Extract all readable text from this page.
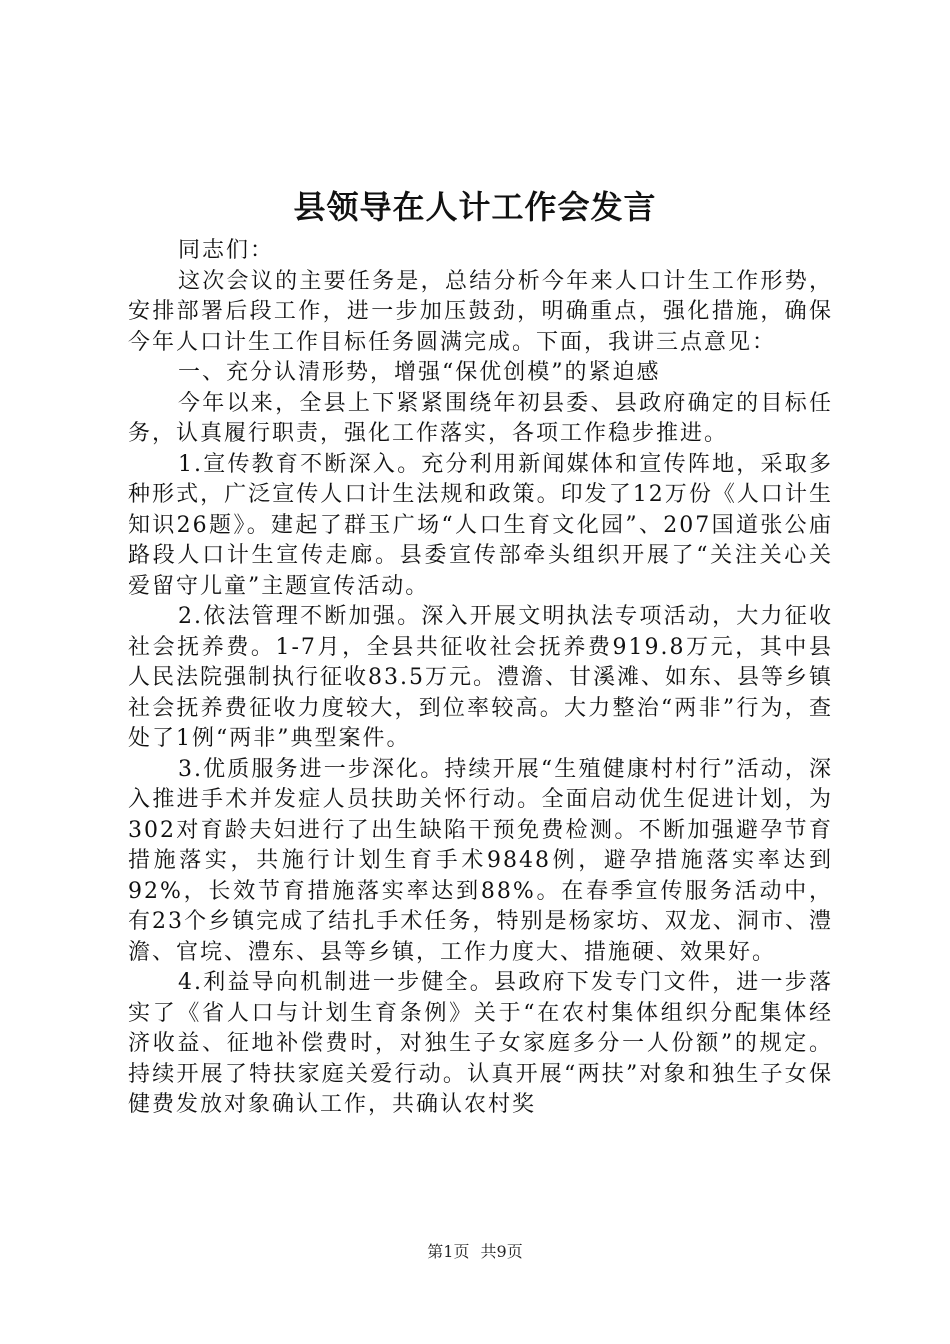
县领导在人计工作会发言

同志们：

这次会议的主要任务是，总结分析今年来人口计生工作形势，安排部署后段工作，进一步加压鼓劲，明确重点，强化措施，确保今年人口计生工作目标任务圆满完成。下面，我讲三点意见：

一、充分认清形势，增强“保优创模”的紧迫感

今年以来，全县上下紧紧围绕年初县委、县政府确定的目标任务，认真履行职责，强化工作落实，各项工作稳步推进。

1.宣传教育不断深入。充分利用新闻媒体和宣传阵地，采取多种形式，广泛宣传人口计生法规和政策。印发了12万份《人口计生知识26题》。建起了群玉广场“人口生育文化园”、207国道张公庙路段人口计生宣传走廊。县委宣传部牵头组织开展了“关注关心关爱留守儿童”主题宣传活动。

2.依法管理不断加强。深入开展文明执法专项活动，大力征收社会抚养费。1-7月，全县共征收社会抚养费919.8万元，其中县人民法院强制执行征收83.5万元。澧澹、甘溪滩、如东、县等乡镇社会抚养费征收力度较大，到位率较高。大力整治“两非”行为，查处了1例“两非”典型案件。

3.优质服务进一步深化。持续开展“生殖健康村村行”活动，深入推进手术并发症人员扶助关怀行动。全面启动优生促进计划，为302对育龄夫妇进行了出生缺陷干预免费检测。不断加强避孕节育措施落实，共施行计划生育手术9848例，避孕措施落实率达到92%，长效节育措施落实率达到88%。在春季宣传服务活动中，有23个乡镇完成了结扎手术任务，特别是杨家坊、双龙、洞市、澧澹、官垸、澧东、县等乡镇，工作力度大、措施硬、效果好。

4.利益导向机制进一步健全。县政府下发专门文件，进一步落实了《省人口与计划生育条例》关于“在农村集体组织分配集体经济收益、征地补偿费时，对独生子女家庭多分一人份额”的规定。持续开展了特扶家庭关爱行动。认真开展“两扶”对象和独生子女保健费发放对象确认工作，共确认农村奖

第1页 共9页
